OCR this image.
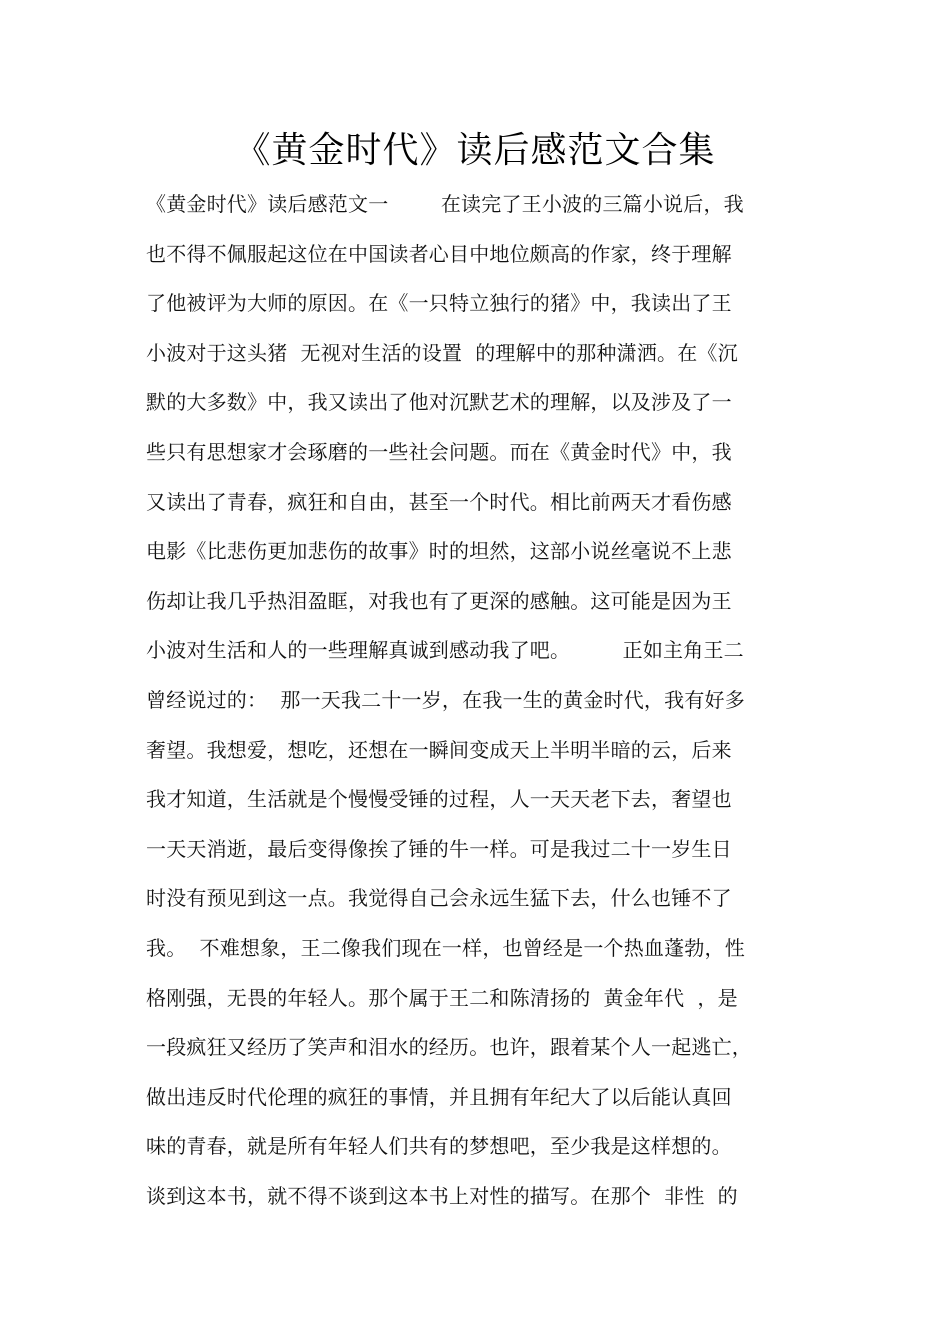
《黄金时代》读后感范文合集
《黄金时代》读后感范文一        在读完了王小波的三篇小说后，我
也不得不佩服起这位在中国读者心目中地位颇高的作家，终于理解
了他被评为大师的原因。在《一只特立独行的猪》中，我读出了王
小波对于这头猪  无视对生活的设置  的理解中的那种潇洒。在《沉
默的大多数》中，我又读出了他对沉默艺术的理解，以及涉及了一
些只有思想家才会琢磨的一些社会问题。而在《黄金时代》中，我
又读出了青春，疯狂和自由，甚至一个时代。相比前两天才看伤感
电影《比悲伤更加悲伤的故事》时的坦然，这部小说丝毫说不上悲
伤却让我几乎热泪盈眶，对我也有了更深的感触。这可能是因为王
小波对生活和人的一些理解真诚到感动我了吧。        正如主角王二
曾经说过的：  那一天我二十一岁，在我一生的黄金时代，我有好多
奢望。我想爱，想吃，还想在一瞬间变成天上半明半暗的云，后来
我才知道，生活就是个慢慢受锤的过程，人一天天老下去，奢望也
一天天消逝，最后变得像挨了锤的牛一样。可是我过二十一岁生日
时没有预见到这一点。我觉得自己会永远生猛下去，什么也锤不了
我。  不难想象，王二像我们现在一样，也曾经是一个热血蓬勃，性
格刚强，无畏的年轻人。那个属于王二和陈清扬的  黄金年代  ，是
一段疯狂又经历了笑声和泪水的经历。也许，跟着某个人一起逃亡，
做出违反时代伦理的疯狂的事情，并且拥有年纪大了以后能认真回
味的青春，就是所有年轻人们共有的梦想吧，至少我是这样想的。
谈到这本书，就不得不谈到这本书上对性的描写。在那个  非性  的
